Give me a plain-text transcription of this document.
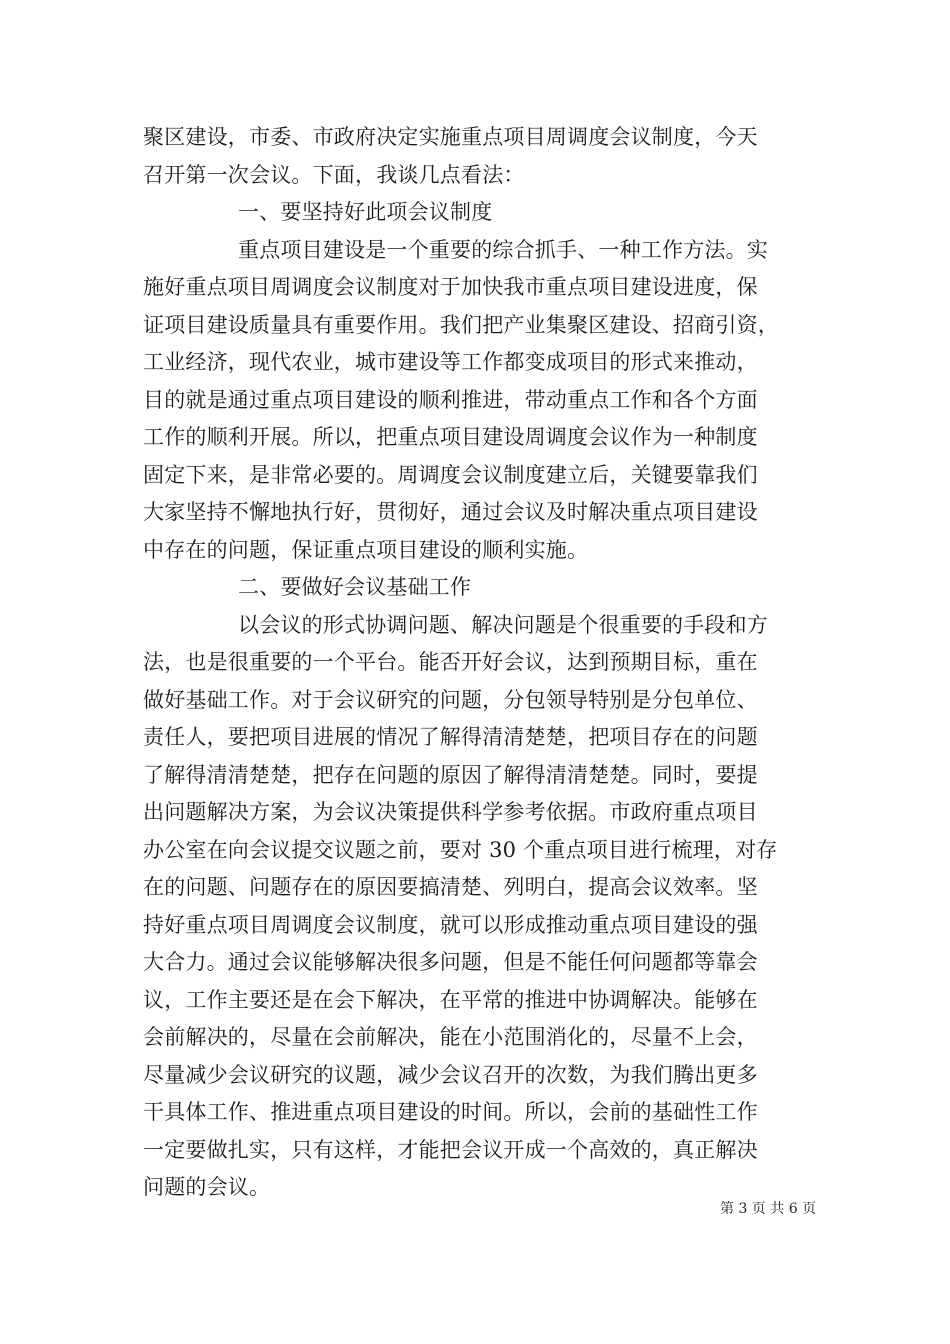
聚区建设，市委、市政府决定实施重点项目周调度会议制度，今天
召开第一次会议。下面，我谈几点看法：
一、要坚持好此项会议制度
重点项目建设是一个重要的综合抓手、一种工作方法。实
施好重点项目周调度会议制度对于加快我市重点项目建设进度，保
证项目建设质量具有重要作用。我们把产业集聚区建设、招商引资，
工业经济，现代农业，城市建设等工作都变成项目的形式来推动，
目的就是通过重点项目建设的顺利推进，带动重点工作和各个方面
工作的顺利开展。所以，把重点项目建设周调度会议作为一种制度
固定下来，是非常必要的。周调度会议制度建立后，关键要靠我们
大家坚持不懈地执行好，贯彻好，通过会议及时解决重点项目建设
中存在的问题，保证重点项目建设的顺利实施。
二、要做好会议基础工作
以会议的形式协调问题、解决问题是个很重要的手段和方
法，也是很重要的一个平台。能否开好会议，达到预期目标，重在
做好基础工作。对于会议研究的问题，分包领导特别是分包单位、
责任人，要把项目进展的情况了解得清清楚楚，把项目存在的问题
了解得清清楚楚，把存在问题的原因了解得清清楚楚。同时，要提
出问题解决方案，为会议决策提供科学参考依据。市政府重点项目
办公室在向会议提交议题之前，要对 30 个重点项目进行梳理，对存
在的问题、问题存在的原因要搞清楚、列明白，提高会议效率。坚
持好重点项目周调度会议制度，就可以形成推动重点项目建设的强
大合力。通过会议能够解决很多问题，但是不能任何问题都等靠会
议，工作主要还是在会下解决，在平常的推进中协调解决。能够在
会前解决的，尽量在会前解决，能在小范围消化的，尽量不上会，
尽量减少会议研究的议题，减少会议召开的次数，为我们腾出更多
干具体工作、推进重点项目建设的时间。所以，会前的基础性工作
一定要做扎实，只有这样，才能把会议开成一个高效的，真正解决
问题的会议。
第 3 页 共 6 页
